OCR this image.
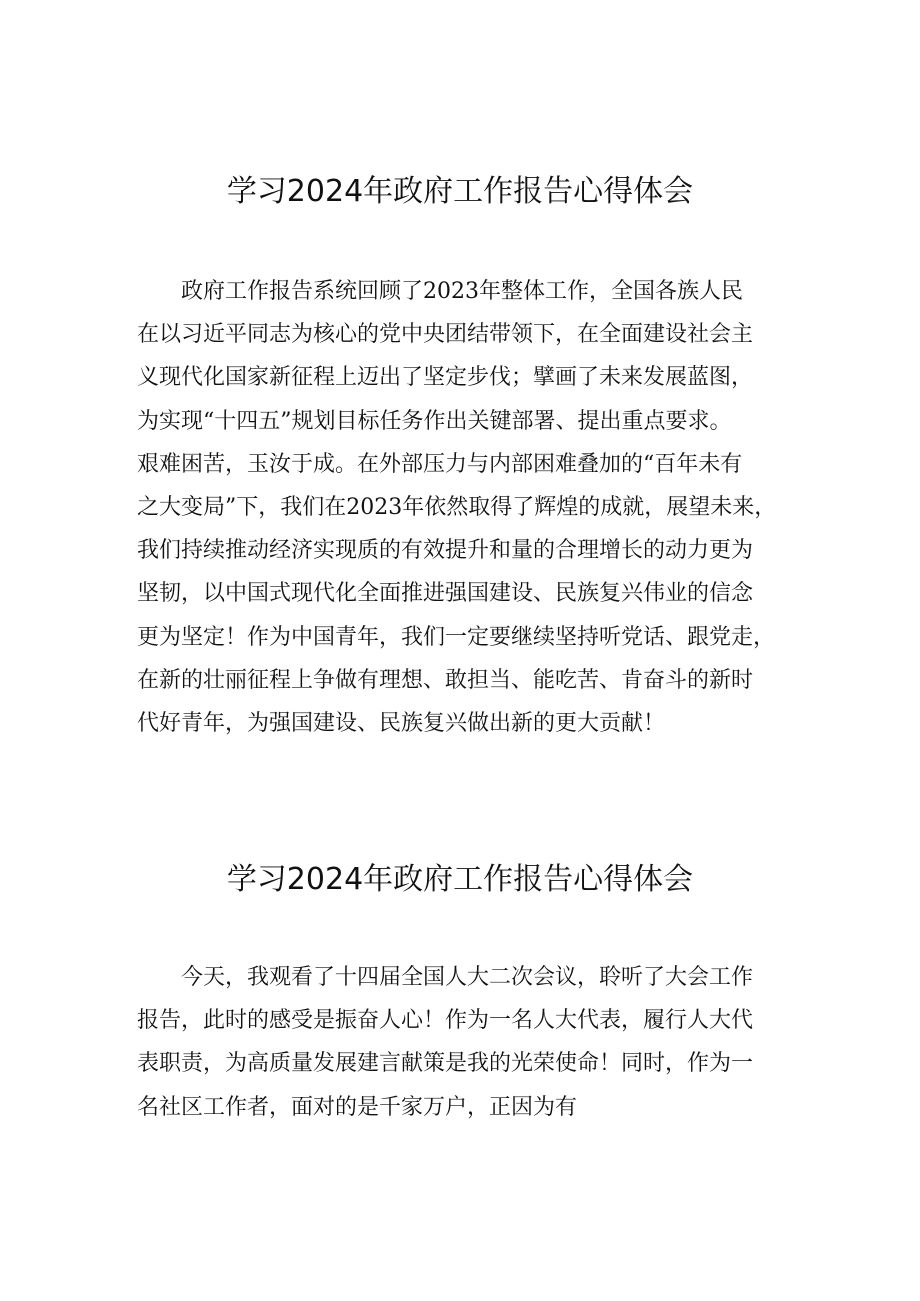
学习2024年政府工作报告心得体会
　　政府工作报告系统回顾了2023年整体工作，全国各族人民
在以习近平同志为核心的党中央团结带领下，在全面建设社会主
义现代化国家新征程上迈出了坚定步伐；擘画了未来发展蓝图，
为实现“十四五”规划目标任务作出关键部署、提出重点要求。
艰难困苦，玉汝于成。在外部压力与内部困难叠加的“百年未有
之大变局”下，我们在2023年依然取得了辉煌的成就，展望未来，
我们持续推动经济实现质的有效提升和量的合理增长的动力更为
坚韧，以中国式现代化全面推进强国建设、民族复兴伟业的信念
更为坚定！作为中国青年，我们一定要继续坚持听党话、跟党走，
在新的壮丽征程上争做有理想、敢担当、能吃苦、肯奋斗的新时
代好青年，为强国建设、民族复兴做出新的更大贡献！
学习2024年政府工作报告心得体会
　　今天，我观看了十四届全国人大二次会议，聆听了大会工作
报告，此时的感受是振奋人心！作为一名人大代表，履行人大代
表职责，为高质量发展建言献策是我的光荣使命！同时，作为一
名社区工作者，面对的是千家万户，正因为有
